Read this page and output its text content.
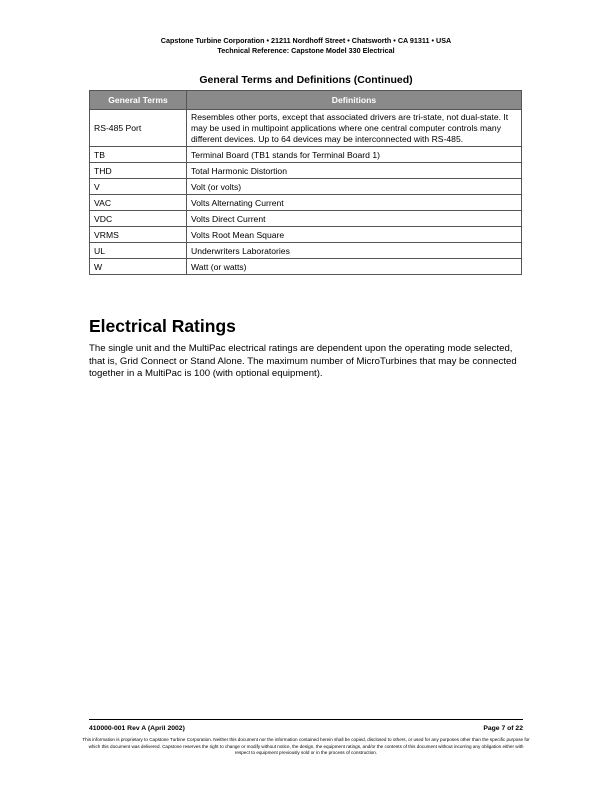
Capstone Turbine Corporation • 21211 Nordhoff Street • Chatsworth • CA 91311 • USA
Technical Reference: Capstone Model 330 Electrical
General Terms and Definitions (Continued)
General Terms	Definitions
RS-485 Port	Resembles other ports, except that associated drivers are tri-state, not dual-state. It may be used in multipoint applications where one central computer controls many different devices. Up to 64 devices may be interconnected with RS-485.
TB	Terminal Board (TB1 stands for Terminal Board 1)
THD	Total Harmonic Distortion
V	Volt (or volts)
VAC	Volts Alternating Current
VDC	Volts Direct Current
VRMS	Volts Root Mean Square
UL	Underwriters Laboratories
W	Watt (or watts)
Electrical Ratings

The single unit and the MultiPac electrical ratings are dependent upon the operating mode selected, that is, Grid Connect or Stand Alone. The maximum number of MicroTurbines that may be connected together in a MultiPac is 100 (with optional equipment).

410000-001 Rev A (April 2002)	Page 7 of 22
This information is proprietary to Capstone Turbine Corporation. Neither this document nor the information contained herein shall be copied, disclosed to others, or used for any purposes other than the specific purpose for which this document was delivered. Capstone reserves the right to change or modify without notice, the design, the equipment ratings, and/or the contents of this document without incurring any obligation either with respect to equipment previously sold or in the process of construction.
